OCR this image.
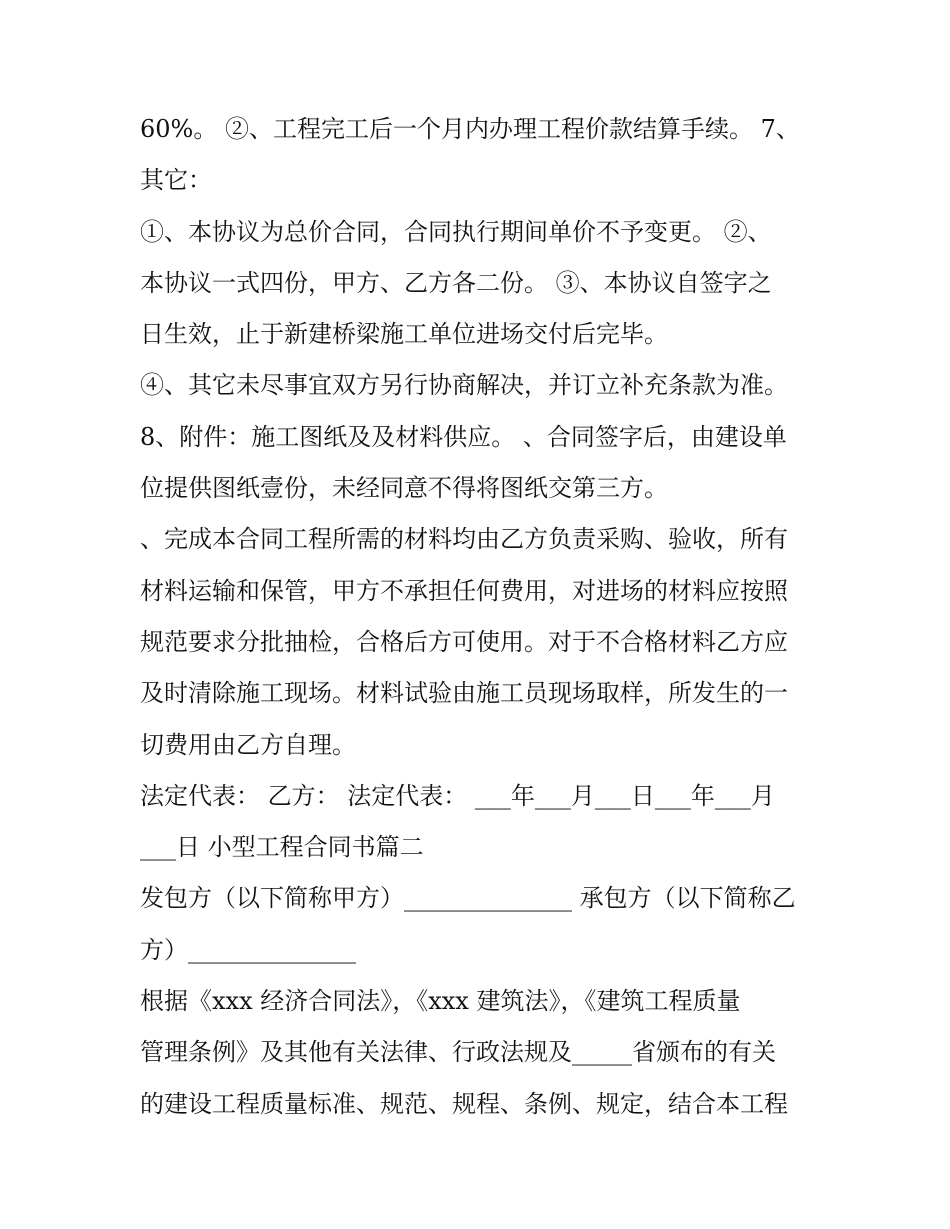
60%。 ②、工程完工后一个月内办理工程价款结算手续。 7、
其它：
①、本协议为总价合同，合同执行期间单价不予变更。 ②、
本协议一式四份，甲方、乙方各二份。 ③、本协议自签字之
日生效，止于新建桥梁施工单位进场交付后完毕。
④、其它未尽事宜双方另行协商解决，并订立补充条款为准。
8、附件：施工图纸及及材料供应。 、合同签字后，由建设单
位提供图纸壹份，未经同意不得将图纸交第三方。
、完成本合同工程所需的材料均由乙方负责采购、验收，所有
材料运输和保管，甲方不承担任何费用，对进场的材料应按照
规范要求分批抽检，合格后方可使用。对于不合格材料乙方应
及时清除施工现场。材料试验由施工员现场取样，所发生的一
切费用由乙方自理。
法定代表： 乙方： 法定代表： ___年___月___日___年___月
___日 小型工程合同书篇二
发包方（以下简称甲方）______________ 承包方（以下简称乙
方）______________
根据《xxx 经济合同法》，《xxx 建筑法》，《建筑工程质量
管理条例》及其他有关法律、行政法规及_____省颁布的有关
的建设工程质量标准、规范、规程、条例、规定，结合本工程
